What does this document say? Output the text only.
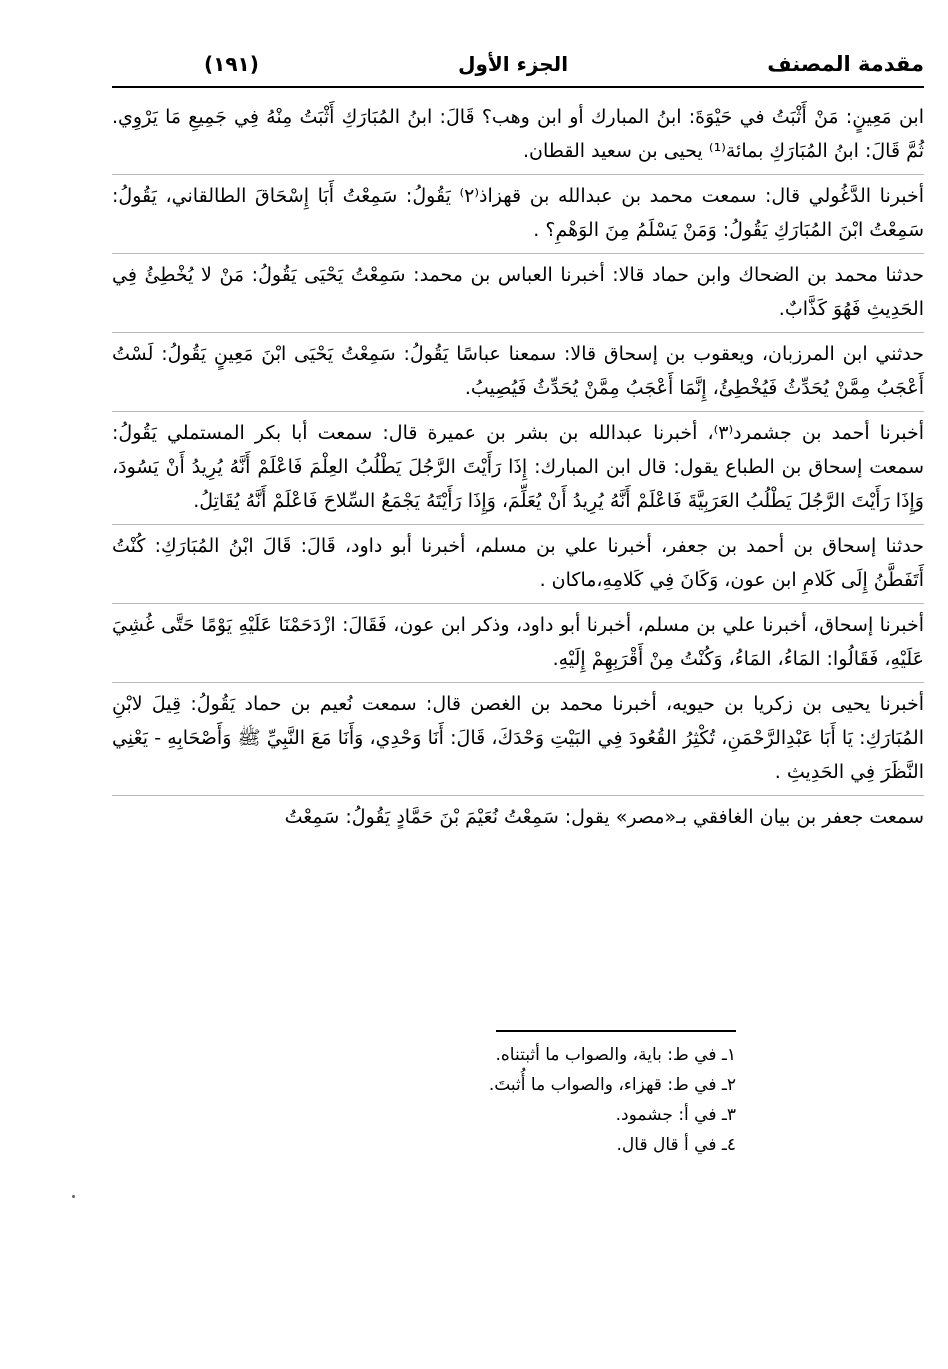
مقدمة المصنف
الجزء الأول
(١٩١)

ابن مَعِينٍ: مَنْ أَثْبَتُ في حَيْوَةَ: ابنُ المبارك أو ابن وهب؟ قَالَ: ابنُ المُبَارَكِ أَثْبَتُ مِنْهُ فِي جَمِيعِ مَا يَرْوِي. ثُمَّ قَالَ: ابنُ المُبَارَكِ بمائة⁽¹⁾ يحيى بن سعيد القطان.

أخبرنا الدَّغُولي قال: سمعت محمد بن عبدالله بن قهزاذ⁽٢⁾ يَقُولُ: سَمِعْتُ أَبَا إِسْحَاقَ الطالقاني، يَقُولُ: سَمِعْتُ ابْنَ المُبَارَكِ يَقُولُ: وَمَنْ يَسْلَمُ مِنَ الوَهْمِ؟ .

حدثنا محمد بن الضحاك وابن حماد قالا: أخبرنا العباس بن محمد: سَمِعْتُ يَحْيَى يَقُولُ: مَنْ لا يُخْطِئُ فِي الحَدِيثِ فَهُوَ كَذَّابٌ.

حدثني ابن المرزبان، ويعقوب بن إسحاق قالا: سمعنا عباسًا يَقُولُ: سَمِعْتُ يَحْيَى ابْنَ مَعِينٍ يَقُولُ: لَسْتُ أَعْجَبُ مِمَّنْ يُحَدِّثُ فَيُخْطِئُ، إِنَّمَا أَعْجَبُ مِمَّنْ يُحَدِّثُ فَيُصِيبُ.

أخبرنا أحمد بن جشمرد⁽٣⁾، أخبرنا عبدالله بن بشر بن عميرة قال: سمعت أبا بكر المستملي يَقُولُ: سمعت إسحاق بن الطباع يقول: قال ابن المبارك: إِذَا رَأَيْتَ الرَّجُلَ يَطْلُبُ العِلْمَ فَاعْلَمْ أَنَّهُ يُرِيدُ أَنْ يَسُودَ، وَإِذَا رَأَيْتَ الرَّجُلَ يَطْلُبُ العَرَبِيَّةَ فَاعْلَمْ أَنَّهُ يُرِيدُ أَنْ يُعَلِّمَ، وَإِذَا رَأَيْتَهُ يَجْمَعُ السِّلاحَ فَاعْلَمْ أَنَّهُ يُقَاتِلُ.

حدثنا إسحاق بن أحمد بن جعفر، أخبرنا علي بن مسلم، أخبرنا أبو داود، قَالَ: قَالَ ابْنُ المُبَارَكِ: كُنْتُ أَتَفَطَّنُ إِلَى كَلامِ ابن عون، وَكَانَ فِي كَلامِهِ،ماكان .

أخبرنا إسحاق، أخبرنا علي بن مسلم، أخبرنا أبو داود، وذكر ابن عون، فَقَالَ: ازْدَحَمْنَا عَلَيْهِ يَوْمًا حَتَّى غُشِيَ عَلَيْهِ، فَقَالُوا: المَاءُ، المَاءُ، وَكُنْتُ مِنْ أَقْرَبِهِمْ إِلَيْهِ.

أخبرنا يحيى بن زكريا بن حيويه، أخبرنا محمد بن الغصن قال: سمعت نُعيم بن حماد يَقُولُ: قِيلَ لابْنِ المُبَارَكِ: يَا أَبَا عَبْدِالرَّحْمَنِ، تُكْثِرُ القُعُودَ فِي البَيْتِ وَحْدَكَ، قَالَ: أَنَا وَحْدِي، وَأَنَا مَعَ النَّبِيِّ ﷺ وَأَصْحَابِهِ - يَعْنِي النَّظَرَ فِي الحَدِيثِ .

سمعت جعفر بن بيان الغافقي بـ«مصر» يقول: سَمِعْتُ نُعَيْمَ بْنَ حَمَّادٍ يَقُولُ: سَمِعْتُ

١ـ في ط: باية، والصواب ما أثبتناه.

٢ـ في ط: قهزاء، والصواب ما أُثبتَ.

٣ـ في أ: جشمود.

٤ـ في أ قال قال.
